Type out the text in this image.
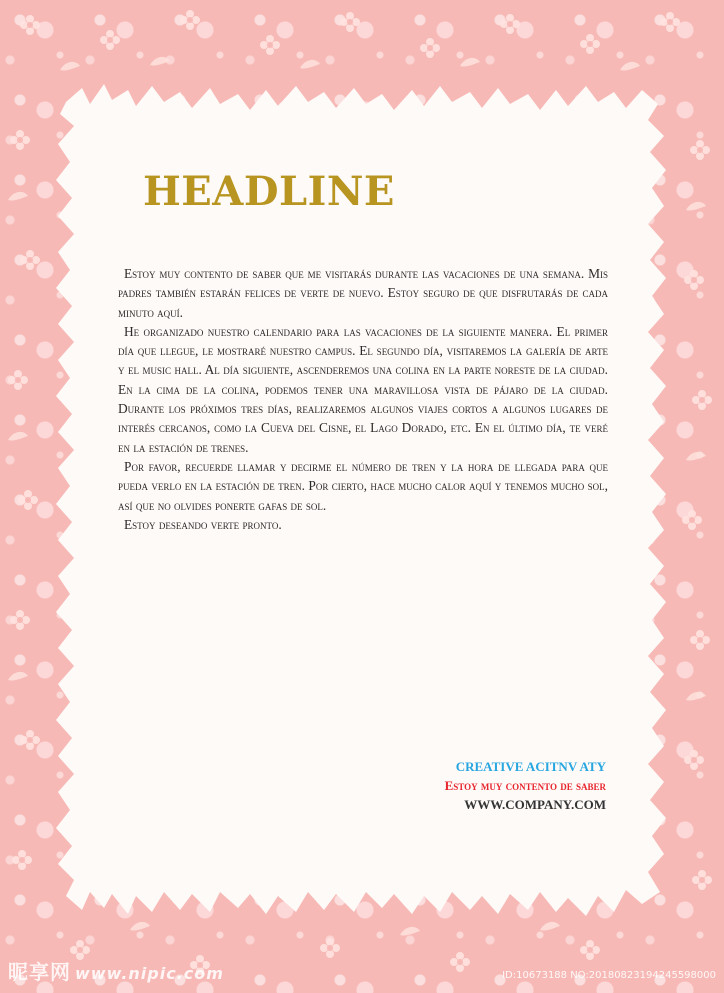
HEADLINE

Estoy muy contento de saber que me visitarás durante las vacaciones de una semana. Mis padres también estarán felices de verte de nuevo. Estoy seguro de que disfrutarás de cada minuto aquí.

He organizado nuestro calendario para las vacaciones de la siguiente manera. El primer día que llegue, le mostraré nuestro campus. El segundo día, visitaremos la galería de arte y el music hall. Al día siguiente, ascenderemos una colina en la parte noreste de la ciudad. En la cima de la colina, podemos tener una maravillosa vista de pájaro de la ciudad. Durante los próximos tres días, realizaremos algunos viajes cortos a algunos lugares de interés cercanos, como la Cueva del Cisne, el Lago Dorado, etc. En el último día, te veré en la estación de trenes.

Por favor, recuerde llamar y decirme el número de tren y la hora de llegada para que pueda verlo en la estación de tren. Por cierto, hace mucho calor aquí y tenemos mucho sol, así que no olvides ponerte gafas de sol.

Estoy deseando verte pronto.

CREATIVE ACITNV ATY
Estoy muy contento de saber
WWW.COMPANY.COM
昵享网 www.nipic.com	ID:10673188 NO:20180823194245598000
